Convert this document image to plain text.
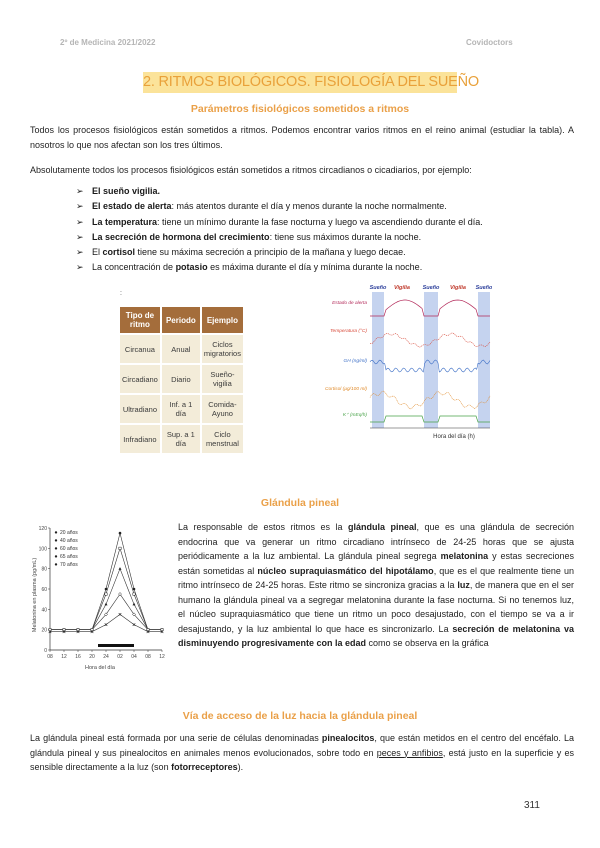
2º de Medicina 2021/2022	Covidoctors
2. RITMOS BIOLÓGICOS. FISIOLOGÍA DEL SUEÑO
Parámetros fisiológicos sometidos a ritmos
Todos los procesos fisiológicos están sometidos a ritmos. Podemos encontrar varios ritmos en el reino animal (estudiar la tabla). A nosotros lo que nos afectan son los tres últimos.
Absolutamente todos los procesos fisiológicos están sometidos a ritmos circadianos o cicadiarios, por ejemplo:
➢ El sueño vigilia.
➢ El estado de alerta: más atentos durante el día y menos durante la noche normalmente.
➢ La temperatura: tiene un mínimo durante la fase nocturna y luego va ascendiendo durante el día.
➢ La secreción de hormona del crecimiento: tiene sus máximos durante la noche.
➢ El cortisol tiene su máxima secreción a principio de la mañana y luego decae.
➢ La concentración de potasio es máxima durante el día y mínima durante la noche.
:
Tipo de ritmo	Periodo	Ejemplo
Circanua	Anual	Ciclos migratorios
Circadiano	Diario	Sueño-vigilia
Ultradiano	Inf. a 1 día	Comida-Ayuno
Infradiano	Sup. a 1 día	Ciclo menstrual
Sueño Vigilia Sueño Vigilia Sueño
Estado de alerta
Temperatura (°C)
GH (ng/ml)
Cortisol (µg/100 ml)
K⁺ (mEq/h)
Hora del día (h)
Glándula pineal
0
20
40
60
80
100
120
08 12 16 20 24 02 04 08 12
20 años
40 años
60 años
65 años
70 años
Melatonina en plasma (pg/mL)
Hora del día
La responsable de estos ritmos es la glándula pineal, que es una glándula de secreción endocrina que va generar un ritmo circadiano intrínseco de 24-25 horas que se ajusta periódicamente a la luz ambiental. La glándula pineal segrega melatonina y estas secreciones están sometidas al núcleo supraquiasmático del hipotálamo, que es el que realmente tiene un ritmo intrínseco de 24-25 horas. Este ritmo se sincroniza gracias a la luz, de manera que en el ser humano la glándula pineal va a segregar melatonina durante la fase nocturna. Si no tenemos luz, el núcleo supraquiasmático que tiene un ritmo un poco desajustado, con el tiempo se va a ir desajustando, y la luz ambiental lo que hace es sincronizarlo. La secreción de melatonina va disminuyendo progresivamente con la edad como se observa en la gráfica
Vía de acceso de la luz hacia la glándula pineal
La glándula pineal está formada por una serie de células denominadas pinealocitos, que están metidos en el centro del encéfalo. La glándula pineal y sus pinealocitos en animales menos evolucionados, sobre todo en peces y anfibios, está justo en la superficie y es sensible directamente a la luz (son fotorreceptores).
311
